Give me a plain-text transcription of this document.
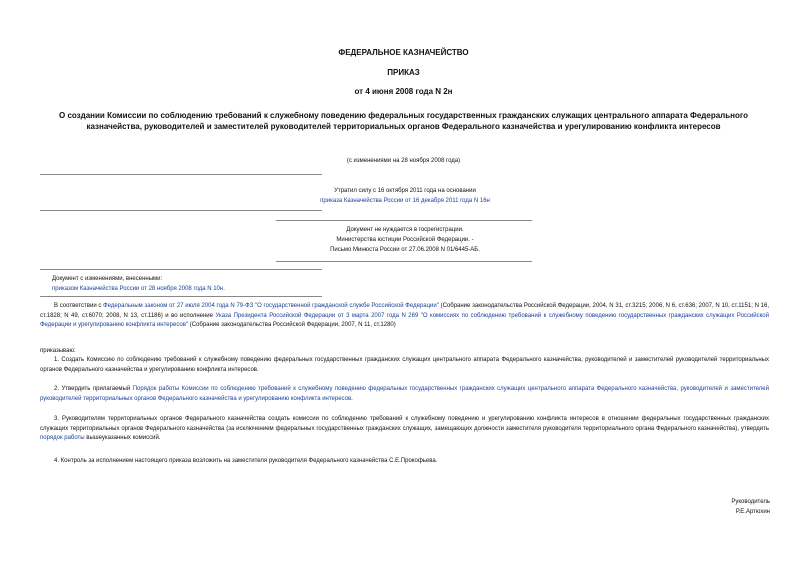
ФЕДЕРАЛЬНОЕ КАЗНАЧЕЙСТВО
ПРИКАЗ
от 4 июня 2008 года N 2н
О создании Комиссии по соблюдению требований к служебному поведению федеральных государственных гражданских служащих центрального аппарата Федерального казначейства, руководителей и заместителей руководителей территориальных органов Федерального казначейства и урегулированию конфликта интересов
(с изменениями на 28 ноября 2008 года)
Утратил силу с 16 октября 2011 года на основании
приказа Казначейства России от 16 декабря 2011 года N 16н
Документ не нуждается в госрегистрации.
Министерства юстиции Российской Федерации. -
Письмо Минюста России от 27.06.2008 N 01/6445-АБ.
Документ с изменениями, внесенными:
приказом Казначейства России от 28 ноября 2008 года N 10н.
В соответствии с Федеральным законом от 27 июля 2004 года N 79-ФЗ "О государственной гражданской службе Российской Федерации" (Собрание законодательства Российской Федерации, 2004, N 31, ст.3215; 2006, N 6, ст.636; 2007, N 10, ст.1151; N 16, ст.1828; N 49, ст.6070; 2008, N 13, ст.1186) и во исполнение Указа Президента Российской Федерации от 3 марта 2007 года N 269 "О комиссиях по соблюдению требований к служебному поведению государственных гражданских служащих Российской Федерации и урегулированию конфликта интересов" (Собрание законодательства Российской Федерации, 2007, N 11, ст.1280)
приказываю:
1. Создать Комиссию по соблюдению требований к служебному поведению федеральных государственных гражданских служащих центрального аппарата Федерального казначейства, руководителей и заместителей руководителей территориальных органов Федерального казначейства и урегулированию конфликта интересов.
2. Утвердить прилагаемый Порядок работы Комиссии по соблюдению требований к служебному поведению федеральных государственных гражданских служащих центрального аппарата Федерального казначейства, руководителей и заместителей руководителей территориальных органов Федерального казначейства и урегулированию конфликта интересов.
3. Руководителям территориальных органов Федерального казначейства создать комиссии по соблюдению требований к служебному поведению и урегулированию конфликта интересов в отношении федеральных государственных гражданских служащих территориальных органов Федерального казначейства (за исключением федеральных государственных гражданских служащих, замещающих должности заместителя руководителя территориального органа Федерального казначейства), утвердить порядок работы вышеуказанных комиссий.
4. Контроль за исполнением настоящего приказа возложить на заместителя руководителя Федерального казначейства С.Е.Прокофьева.
Руководитель
Р.Е.Артюхин
